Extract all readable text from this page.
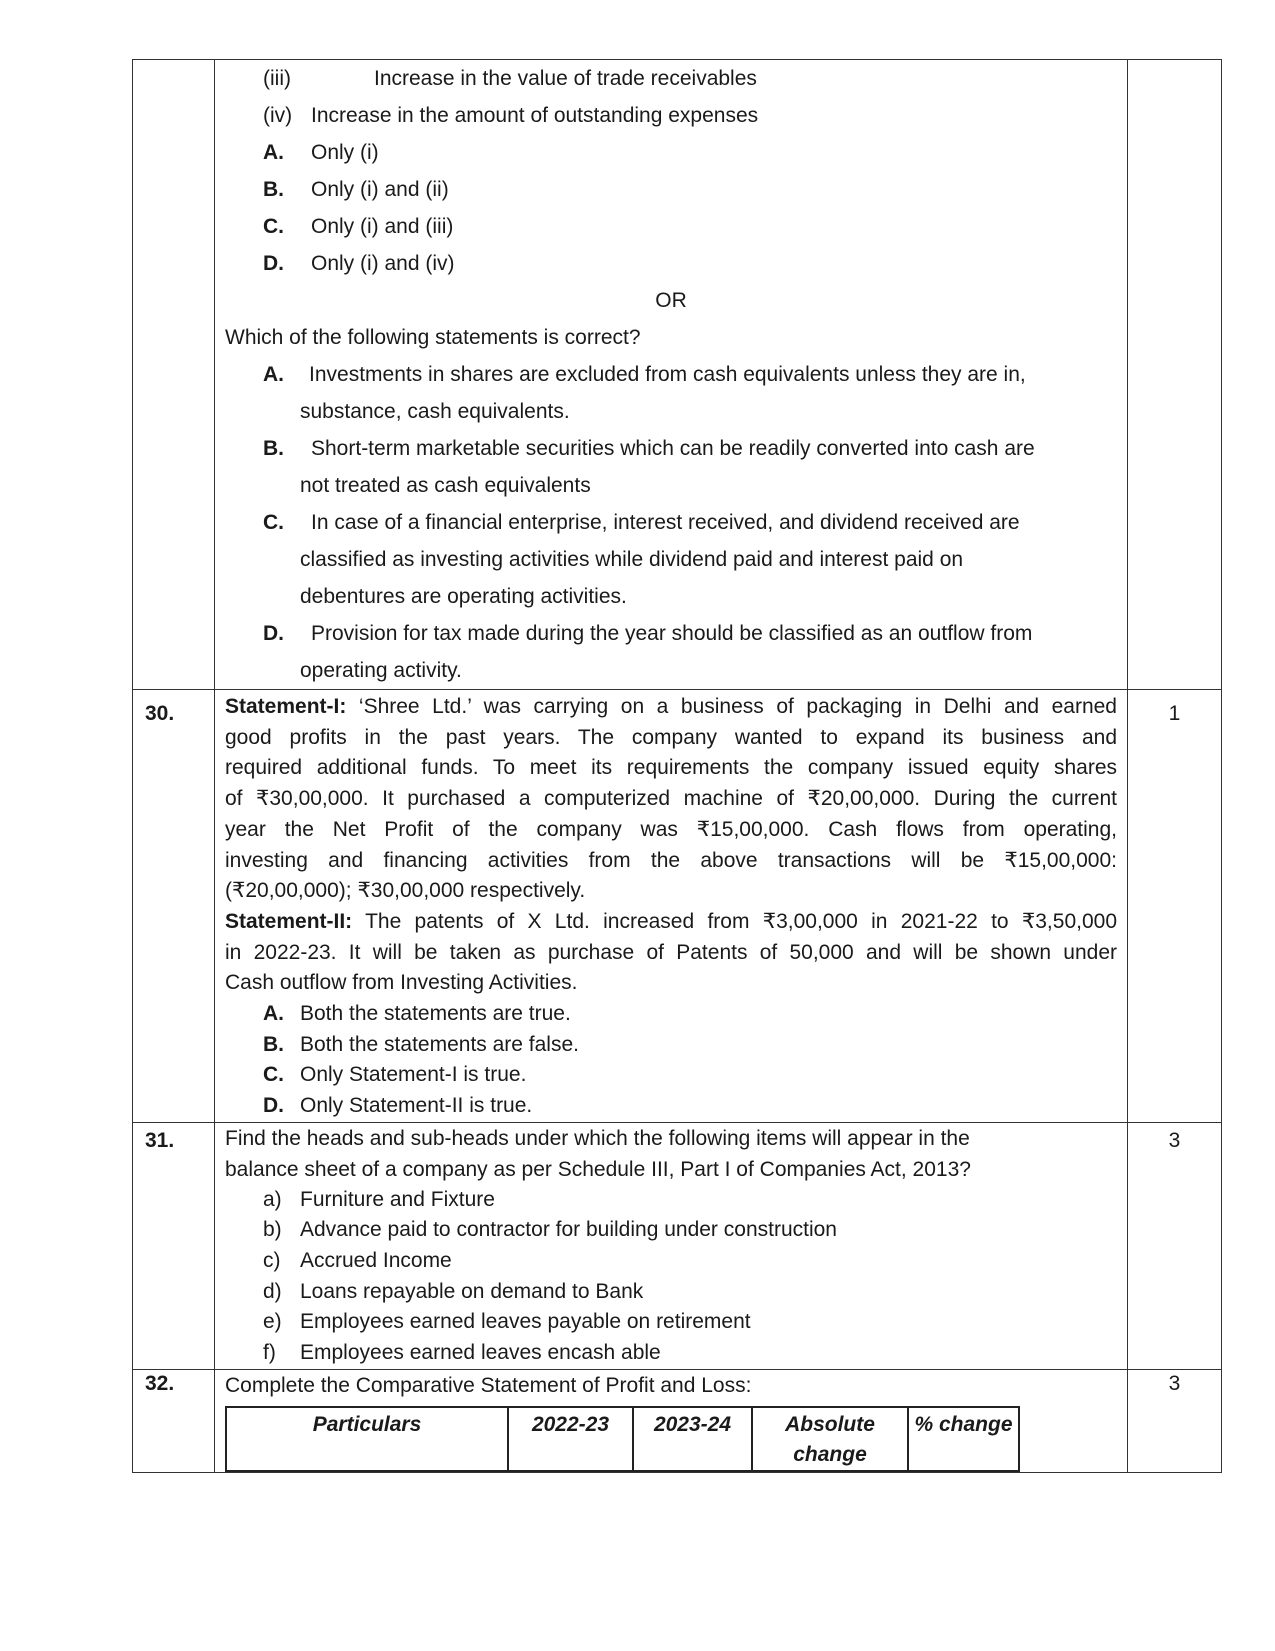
(iii)	Increase in the value of trade receivables
(iv) Increase in the amount of outstanding expenses
A. Only (i)
B. Only (i) and (ii)
C. Only (i) and (iii)
D. Only (i) and (iv)
OR
Which of the following statements is correct?
A. Investments in shares are excluded from cash equivalents unless they are in,
substance, cash equivalents.
B. Short-term marketable securities which can be readily converted into cash are
not treated as cash equivalents
C. In case of a financial enterprise, interest received, and dividend received are
classified as investing activities while dividend paid and interest paid on
debentures are operating activities.
D. Provision for tax made during the year should be classified as an outflow from
operating activity.

30.	Statement-I: ‘Shree Ltd.’ was carrying on a business of packaging in Delhi and earned
good profits in the past years. The company wanted to expand its business and
required additional funds. To meet its requirements the company issued equity shares
of ₹30,00,000. It purchased a computerized machine of ₹20,00,000. During the current
year the Net Profit of the company was ₹15,00,000. Cash flows from operating,
investing and financing activities from the above transactions will be ₹15,00,000:
(₹20,00,000); ₹30,00,000 respectively.
Statement-II: The patents of X Ltd. increased from ₹3,00,000 in 2021-22 to ₹3,50,000
in 2022-23. It will be taken as purchase of Patents of 50,000 and will be shown under
Cash outflow from Investing Activities.
A. Both the statements are true.
B. Both the statements are false.
C. Only Statement-I is true.
D. Only Statement-II is true.
	1
31.	Find the heads and sub-heads under which the following items will appear in the
balance sheet of a company as per Schedule III, Part I of Companies Act, 2013?
a) Furniture and Fixture
b) Advance paid to contractor for building under construction
c) Accrued Income
d) Loans repayable on demand to Bank
e) Employees earned leaves payable on retirement
f) Employees earned leaves encash able
	3
32.	Complete the Comparative Statement of Profit and Loss:
Particulars	2022-23	2023-24	Absolute change	% change
	3
